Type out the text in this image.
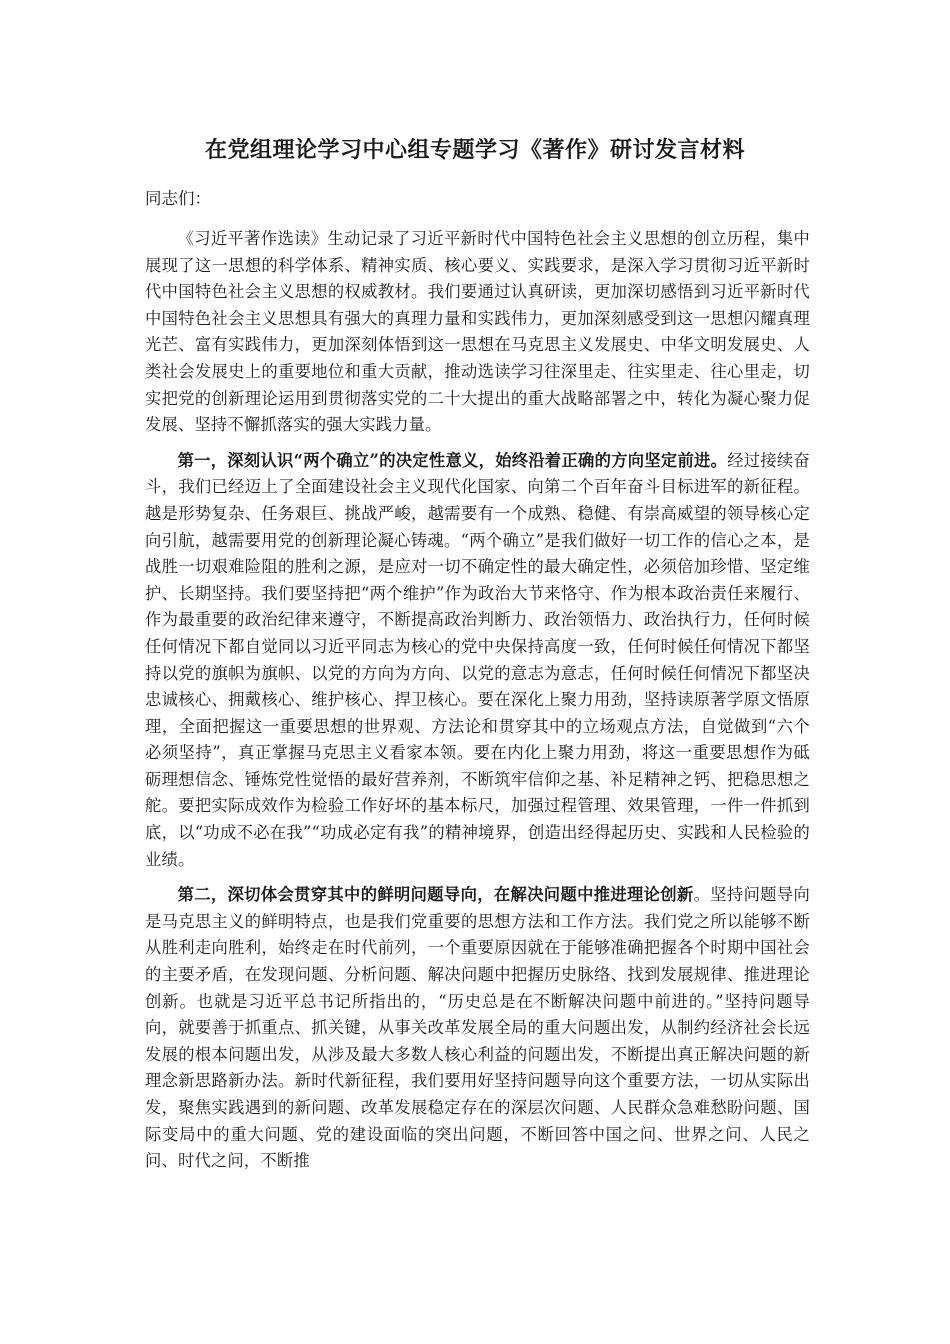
在党组理论学习中心组专题学习《著作》研讨发言材料

同志们：

《习近平著作选读》生动记录了习近平新时代中国特色社会主义思想的创立历程，集中展现了这一思想的科学体系、精神实质、核心要义、实践要求，是深入学习贯彻习近平新时代中国特色社会主义思想的权威教材。我们要通过认真研读，更加深切感悟到习近平新时代中国特色社会主义思想具有强大的真理力量和实践伟力，更加深刻感受到这一思想闪耀真理光芒、富有实践伟力，更加深刻体悟到这一思想在马克思主义发展史、中华文明发展史、人类社会发展史上的重要地位和重大贡献，推动选读学习往深里走、往实里走、往心里走，切实把党的创新理论运用到贯彻落实党的二十大提出的重大战略部署之中，转化为凝心聚力促发展、坚持不懈抓落实的强大实践力量。

第一，深刻认识“两个确立”的决定性意义，始终沿着正确的方向坚定前进。经过接续奋斗，我们已经迈上了全面建设社会主义现代化国家、向第二个百年奋斗目标进军的新征程。越是形势复杂、任务艰巨、挑战严峻，越需要有一个成熟、稳健、有崇高威望的领导核心定向引航，越需要用党的创新理论凝心铸魂。“两个确立”是我们做好一切工作的信心之本，是战胜一切艰难险阻的胜利之源，是应对一切不确定性的最大确定性，必须倍加珍惜、坚定维护、长期坚持。我们要坚持把“两个维护”作为政治大节来恪守、作为根本政治责任来履行、作为最重要的政治纪律来遵守，不断提高政治判断力、政治领悟力、政治执行力，任何时候任何情况下都自觉同以习近平同志为核心的党中央保持高度一致，任何时候任何情况下都坚持以党的旗帜为旗帜、以党的方向为方向、以党的意志为意志，任何时候任何情况下都坚决忠诚核心、拥戴核心、维护核心、捍卫核心。要在深化上聚力用劲，坚持读原著学原文悟原理，全面把握这一重要思想的世界观、方法论和贯穿其中的立场观点方法，自觉做到“六个必须坚持”，真正掌握马克思主义看家本领。要在内化上聚力用劲，将这一重要思想作为砥砺理想信念、锤炼党性觉悟的最好营养剂，不断筑牢信仰之基、补足精神之钙、把稳思想之舵。要把实际成效作为检验工作好坏的基本标尺，加强过程管理、效果管理，一件一件抓到底，以“功成不必在我”“功成必定有我”的精神境界，创造出经得起历史、实践和人民检验的业绩。

第二，深切体会贯穿其中的鲜明问题导向，在解决问题中推进理论创新。坚持问题导向是马克思主义的鲜明特点，也是我们党重要的思想方法和工作方法。我们党之所以能够不断从胜利走向胜利，始终走在时代前列，一个重要原因就在于能够准确把握各个时期中国社会的主要矛盾，在发现问题、分析问题、解决问题中把握历史脉络、找到发展规律、推进理论创新。也就是习近平总书记所指出的，“历史总是在不断解决问题中前进的。”坚持问题导向，就要善于抓重点、抓关键，从事关改革发展全局的重大问题出发，从制约经济社会长远发展的根本问题出发，从涉及最大多数人核心利益的问题出发，不断提出真正解决问题的新理念新思路新办法。新时代新征程，我们要用好坚持问题导向这个重要方法，一切从实际出发，聚焦实践遇到的新问题、改革发展稳定存在的深层次问题、人民群众急难愁盼问题、国际变局中的重大问题、党的建设面临的突出问题，不断回答中国之问、世界之问、人民之问、时代之问，不断推
